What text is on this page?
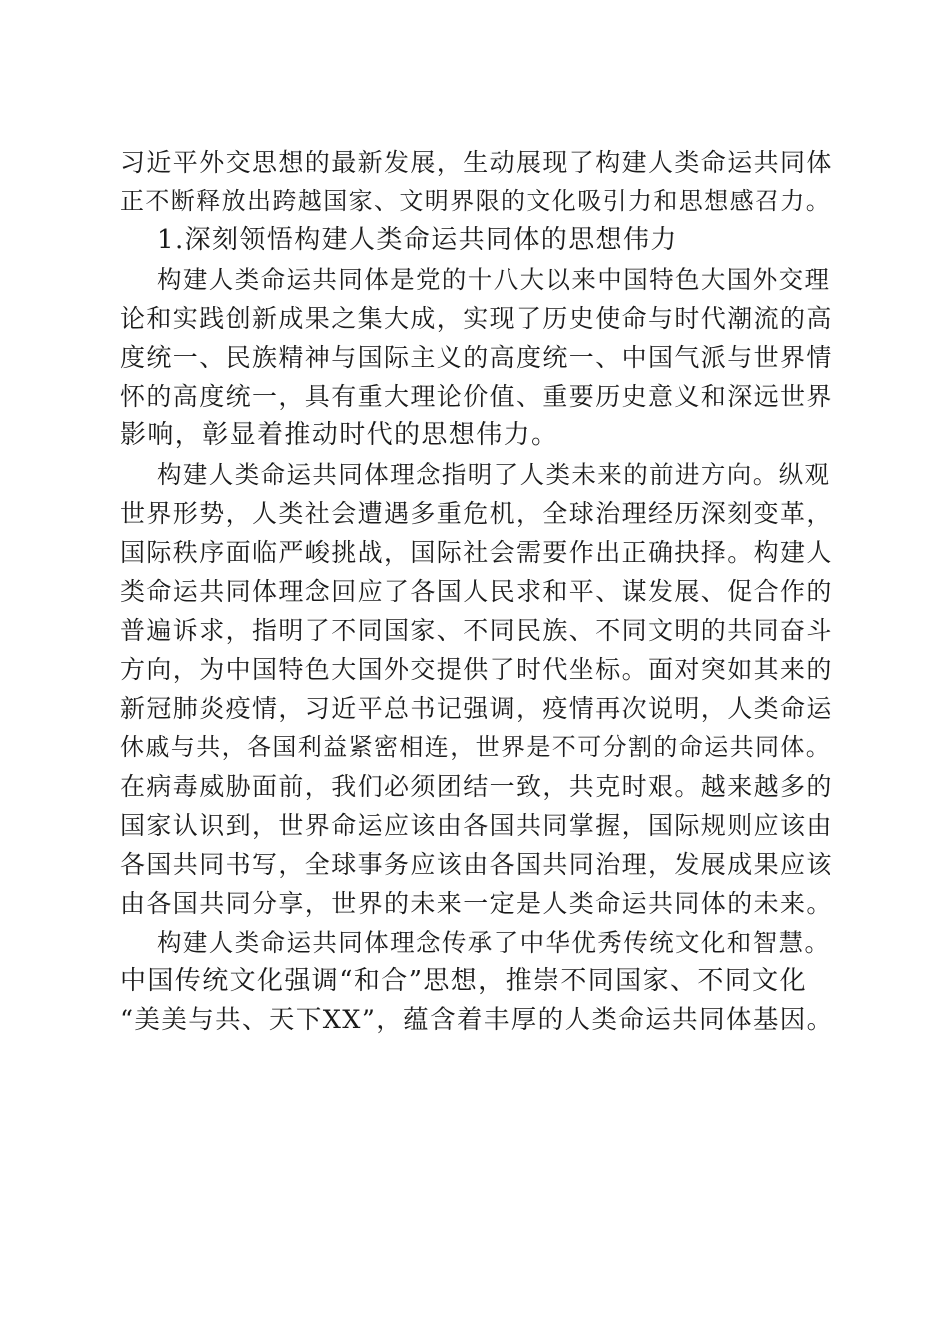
习近平外交思想的最新发展，生动展现了构建人类命运共同体
正不断释放出跨越国家、文明界限的文化吸引力和思想感召力。
1.深刻领悟构建人类命运共同体的思想伟力
构建人类命运共同体是党的十八大以来中国特色大国外交理
论和实践创新成果之集大成，实现了历史使命与时代潮流的高
度统一、民族精神与国际主义的高度统一、中国气派与世界情
怀的高度统一，具有重大理论价值、重要历史意义和深远世界
影响，彰显着推动时代的思想伟力。
构建人类命运共同体理念指明了人类未来的前进方向。纵观
世界形势，人类社会遭遇多重危机，全球治理经历深刻变革，
国际秩序面临严峻挑战，国际社会需要作出正确抉择。构建人
类命运共同体理念回应了各国人民求和平、谋发展、促合作的
普遍诉求，指明了不同国家、不同民族、不同文明的共同奋斗
方向，为中国特色大国外交提供了时代坐标。面对突如其来的
新冠肺炎疫情，习近平总书记强调，疫情再次说明，人类命运
休戚与共，各国利益紧密相连，世界是不可分割的命运共同体。
在病毒威胁面前，我们必须团结一致，共克时艰。越来越多的
国家认识到，世界命运应该由各国共同掌握，国际规则应该由
各国共同书写，全球事务应该由各国共同治理，发展成果应该
由各国共同分享，世界的未来一定是人类命运共同体的未来。
构建人类命运共同体理念传承了中华优秀传统文化和智慧。
中国传统文化强调“和合”思想，推崇不同国家、不同文化
“美美与共、天下XX”，蕴含着丰厚的人类命运共同体基因。
